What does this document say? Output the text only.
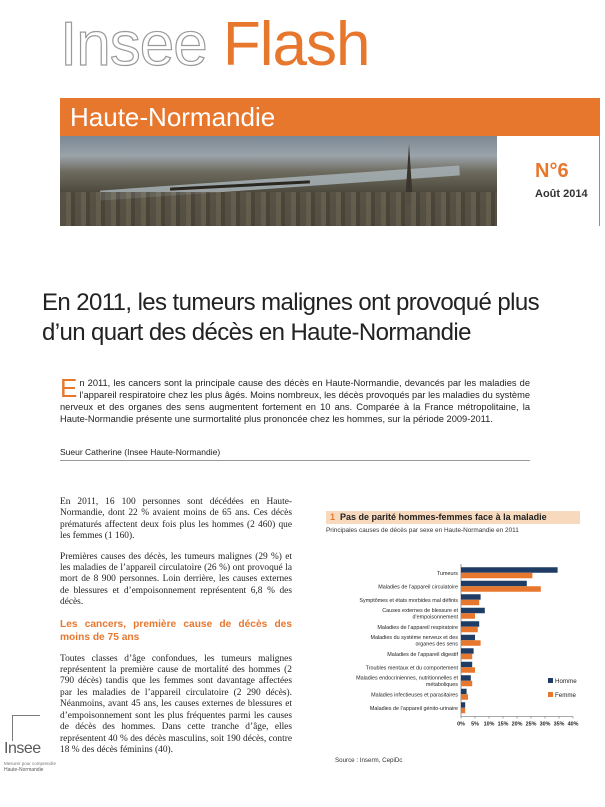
Insee Flash
Haute-Normandie
N°6
Août 2014
En 2011, les tumeurs malignes ont provoqué plus d’un quart des décès en Haute-Normandie
En 2011, les cancers sont la principale cause des décès en Haute-Normandie, devancés par les maladies de l’appareil respiratoire chez les plus âgés. Moins nombreux, les décès provoqués par les maladies du système nerveux et des organes des sens augmentent fortement en 10 ans. Comparée à la France métropolitaine, la Haute-Normandie présente une surmortalité plus prononcée chez les hommes, sur la période 2009-2011.
Sueur Catherine (Insee Haute-Normandie)

En 2011, 16 100 personnes sont décédées en Haute-Normandie, dont 22 % avaient moins de 65 ans. Ces décès prématurés affectent deux fois plus les hommes (2 460) que les femmes (1 160).

Premières causes des décès, les tumeurs malignes (29 %) et les maladies de l’appareil circulatoire (26 %) ont provoqué la mort de 8 900 personnes. Loin derrière, les causes externes de blessures et d’empoisonnement représentent 6,8 % des décès.

Les cancers, première cause de décès des moins de 75 ans

Toutes classes d’âge confondues, les tumeurs malignes représentent la première cause de mortalité des hommes (2 790 décès) tandis que les femmes sont davantage affectées par les maladies de l’appareil circulatoire (2 290 décès). Néanmoins, avant 45 ans, les causes externes de blessures et d’empoisonnement sont les plus fréquentes parmi les causes de décès des hommes. Dans cette tranche d’âge, elles représentent 40 % des décès masculins, soit 190 décès, contre 18 % des décès féminins (40).

Insee
Mesurer pour comprendre
Haute-Normandie
1 Pas de parité hommes-femmes face à la maladie
Principales causes de décès par sexe en Haute-Normandie en 2011
Tumeurs
Maladies de l’appareil circulatoire
Symptômes et états morbides mal définis
Causes externes de blessure et
d’empoisonnement
Maladies de l’appareil respiratoire
Maladies du système nerveux et des
organes des sens
Maladies de l’appareil digestif
Troubles mentaux et du comportement
Maladies endocriniennes, nutritionnelles et
métaboliques
Maladies infectieuses et parasitaires
Maladies de l’appareil génito-urinaire
0% 5% 10% 15% 20% 25% 30% 35% 40%
Homme
Femme
Source : Inserm, CepiDc
